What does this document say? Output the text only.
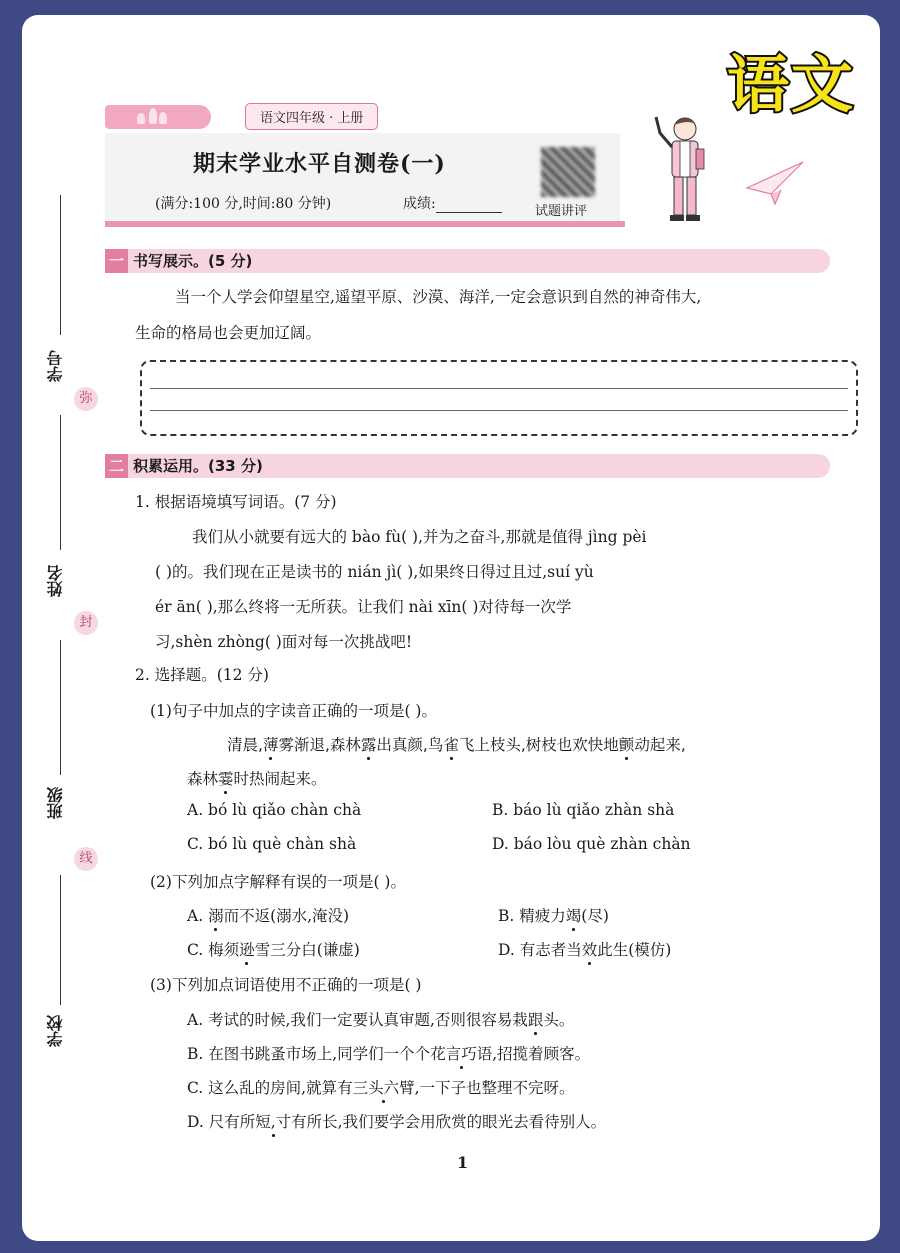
语文
学号
弥
姓名
封
班级
线
学校
语文四年级 · 上册
期末学业水平自测卷(一)
(满分:100 分,时间:80 分钟)	成绩:	试题讲评
一 书写展示。(5 分)
当一个人学会仰望星空,遥望平原、沙漠、海洋,一定会意识到自然的神奇伟大,
生命的格局也会更加辽阔。
二 积累运用。(33 分)
1. 根据语境填写词语。(7 分)
我们从小就要有远大的 bào fù( ),并为之奋斗,那就是值得 jìng pèi
( )的。我们现在正是读书的 nián jì( ),如果终日得过且过,suí yù
ér ān( ),那么终将一无所获。让我们 nài xīn( )对待每一次学
习,shèn zhòng( )面对每一次挑战吧!
2. 选择题。(12 分)
(1)句子中加点的字读音正确的一项是( )。
清晨,薄雾渐退,森林露出真颜,鸟雀飞上枝头,树枝也欢快地颤动起来,
森林霎时热闹起来。
A. bó lù qiǎo chàn chà	B. báo lù qiǎo zhàn shà
C. bó lù què chàn shà	D. báo lòu què zhàn chàn
(2)下列加点字解释有误的一项是( )。
A. 溺而不返(溺水,淹没)	B. 精疲力竭(尽)
C. 梅须逊雪三分白(谦虚)	D. 有志者当效此生(模仿)
(3)下列加点词语使用不正确的一项是( )
A. 考试的时候,我们一定要认真审题,否则很容易栽跟头。
B. 在图书跳蚤市场上,同学们一个个花言巧语,招揽着顾客。
C. 这么乱的房间,就算有三头六臂,一下子也整理不完呀。
D. 尺有所短,寸有所长,我们要学会用欣赏的眼光去看待别人。
1
